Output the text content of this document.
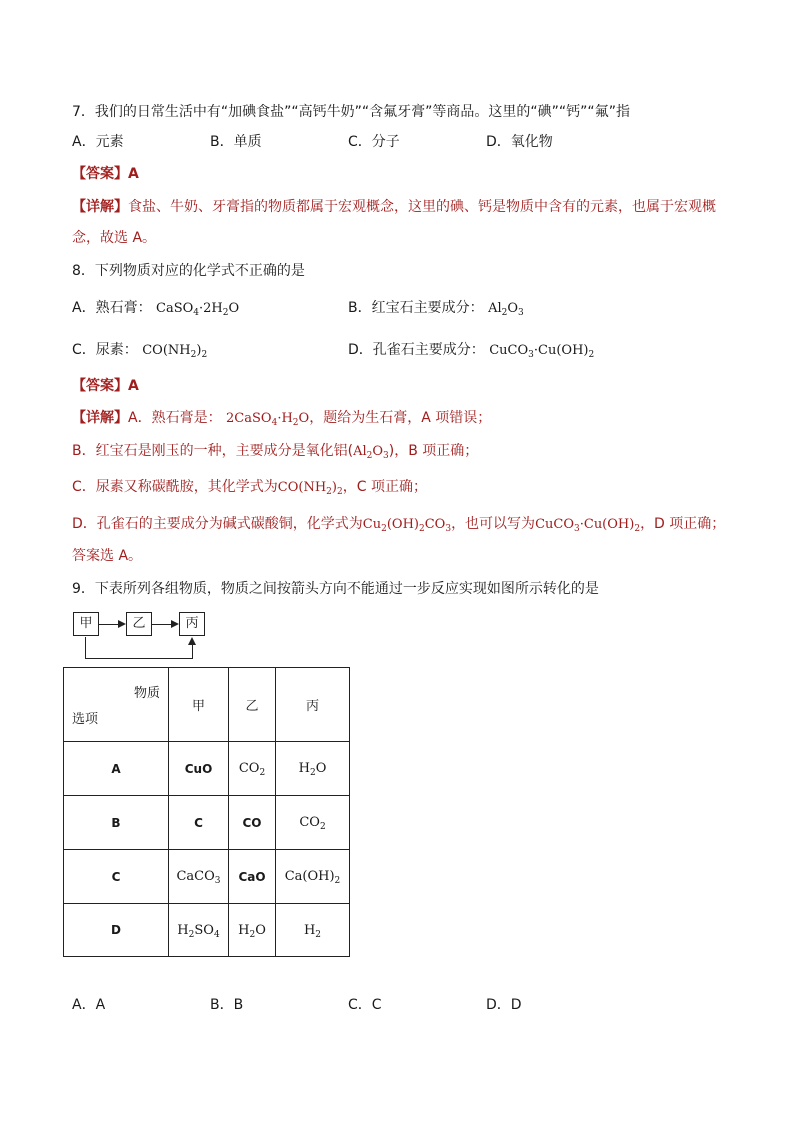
7．我们的日常生活中有“加碘食盐”“高钙牛奶”“含氟牙膏”等商品。这里的“碘”“钙”“氟”指
A．元素	B．单质	C．分子	D．氧化物
【答案】A
【详解】食盐、牛奶、牙膏指的物质都属于宏观概念，这里的碘、钙是物质中含有的元素，也属于宏观概
念，故选 A。
8．下列物质对应的化学式不正确的是
A．熟石膏： $CaSO_4\cdot 2H_2O$	B．红宝石主要成分： $Al_2O_3$
C．尿素： $CO(NH_2)_2$	D．孔雀石主要成分： $CuCO_3\cdot Cu(OH)_2$
【答案】A
【详解】A．熟石膏是： $2CaSO_4\cdot H_2O$，题给为生石膏，A 项错误；
B．红宝石是刚玉的一种，主要成分是氧化铝$(Al_2O_3)$，B 项正确；
C．尿素又称碳酰胺，其化学式为$CO(NH_2)_2$，C 项正确；
D．孔雀石的主要成分为碱式碳酸铜，化学式为$Cu_2(OH)_2CO_3$，也可以写为$CuCO_3\cdot Cu(OH)_2$，D 项正确；
答案选 A。
9．下表所列各组物质，物质之间按箭头方向不能通过一步反应实现如图所示转化的是
甲	乙	丙
物质
选项	甲	乙	丙
A	CuO	$CO_2$	$H_2O$
B	C	CO	$CO_2$
C	CaCO$_3$	CaO	$Ca(OH)_2$
D	$H_2SO_4$	$H_2O$	$H_2$
A．A	B．B	C．C	D．D
